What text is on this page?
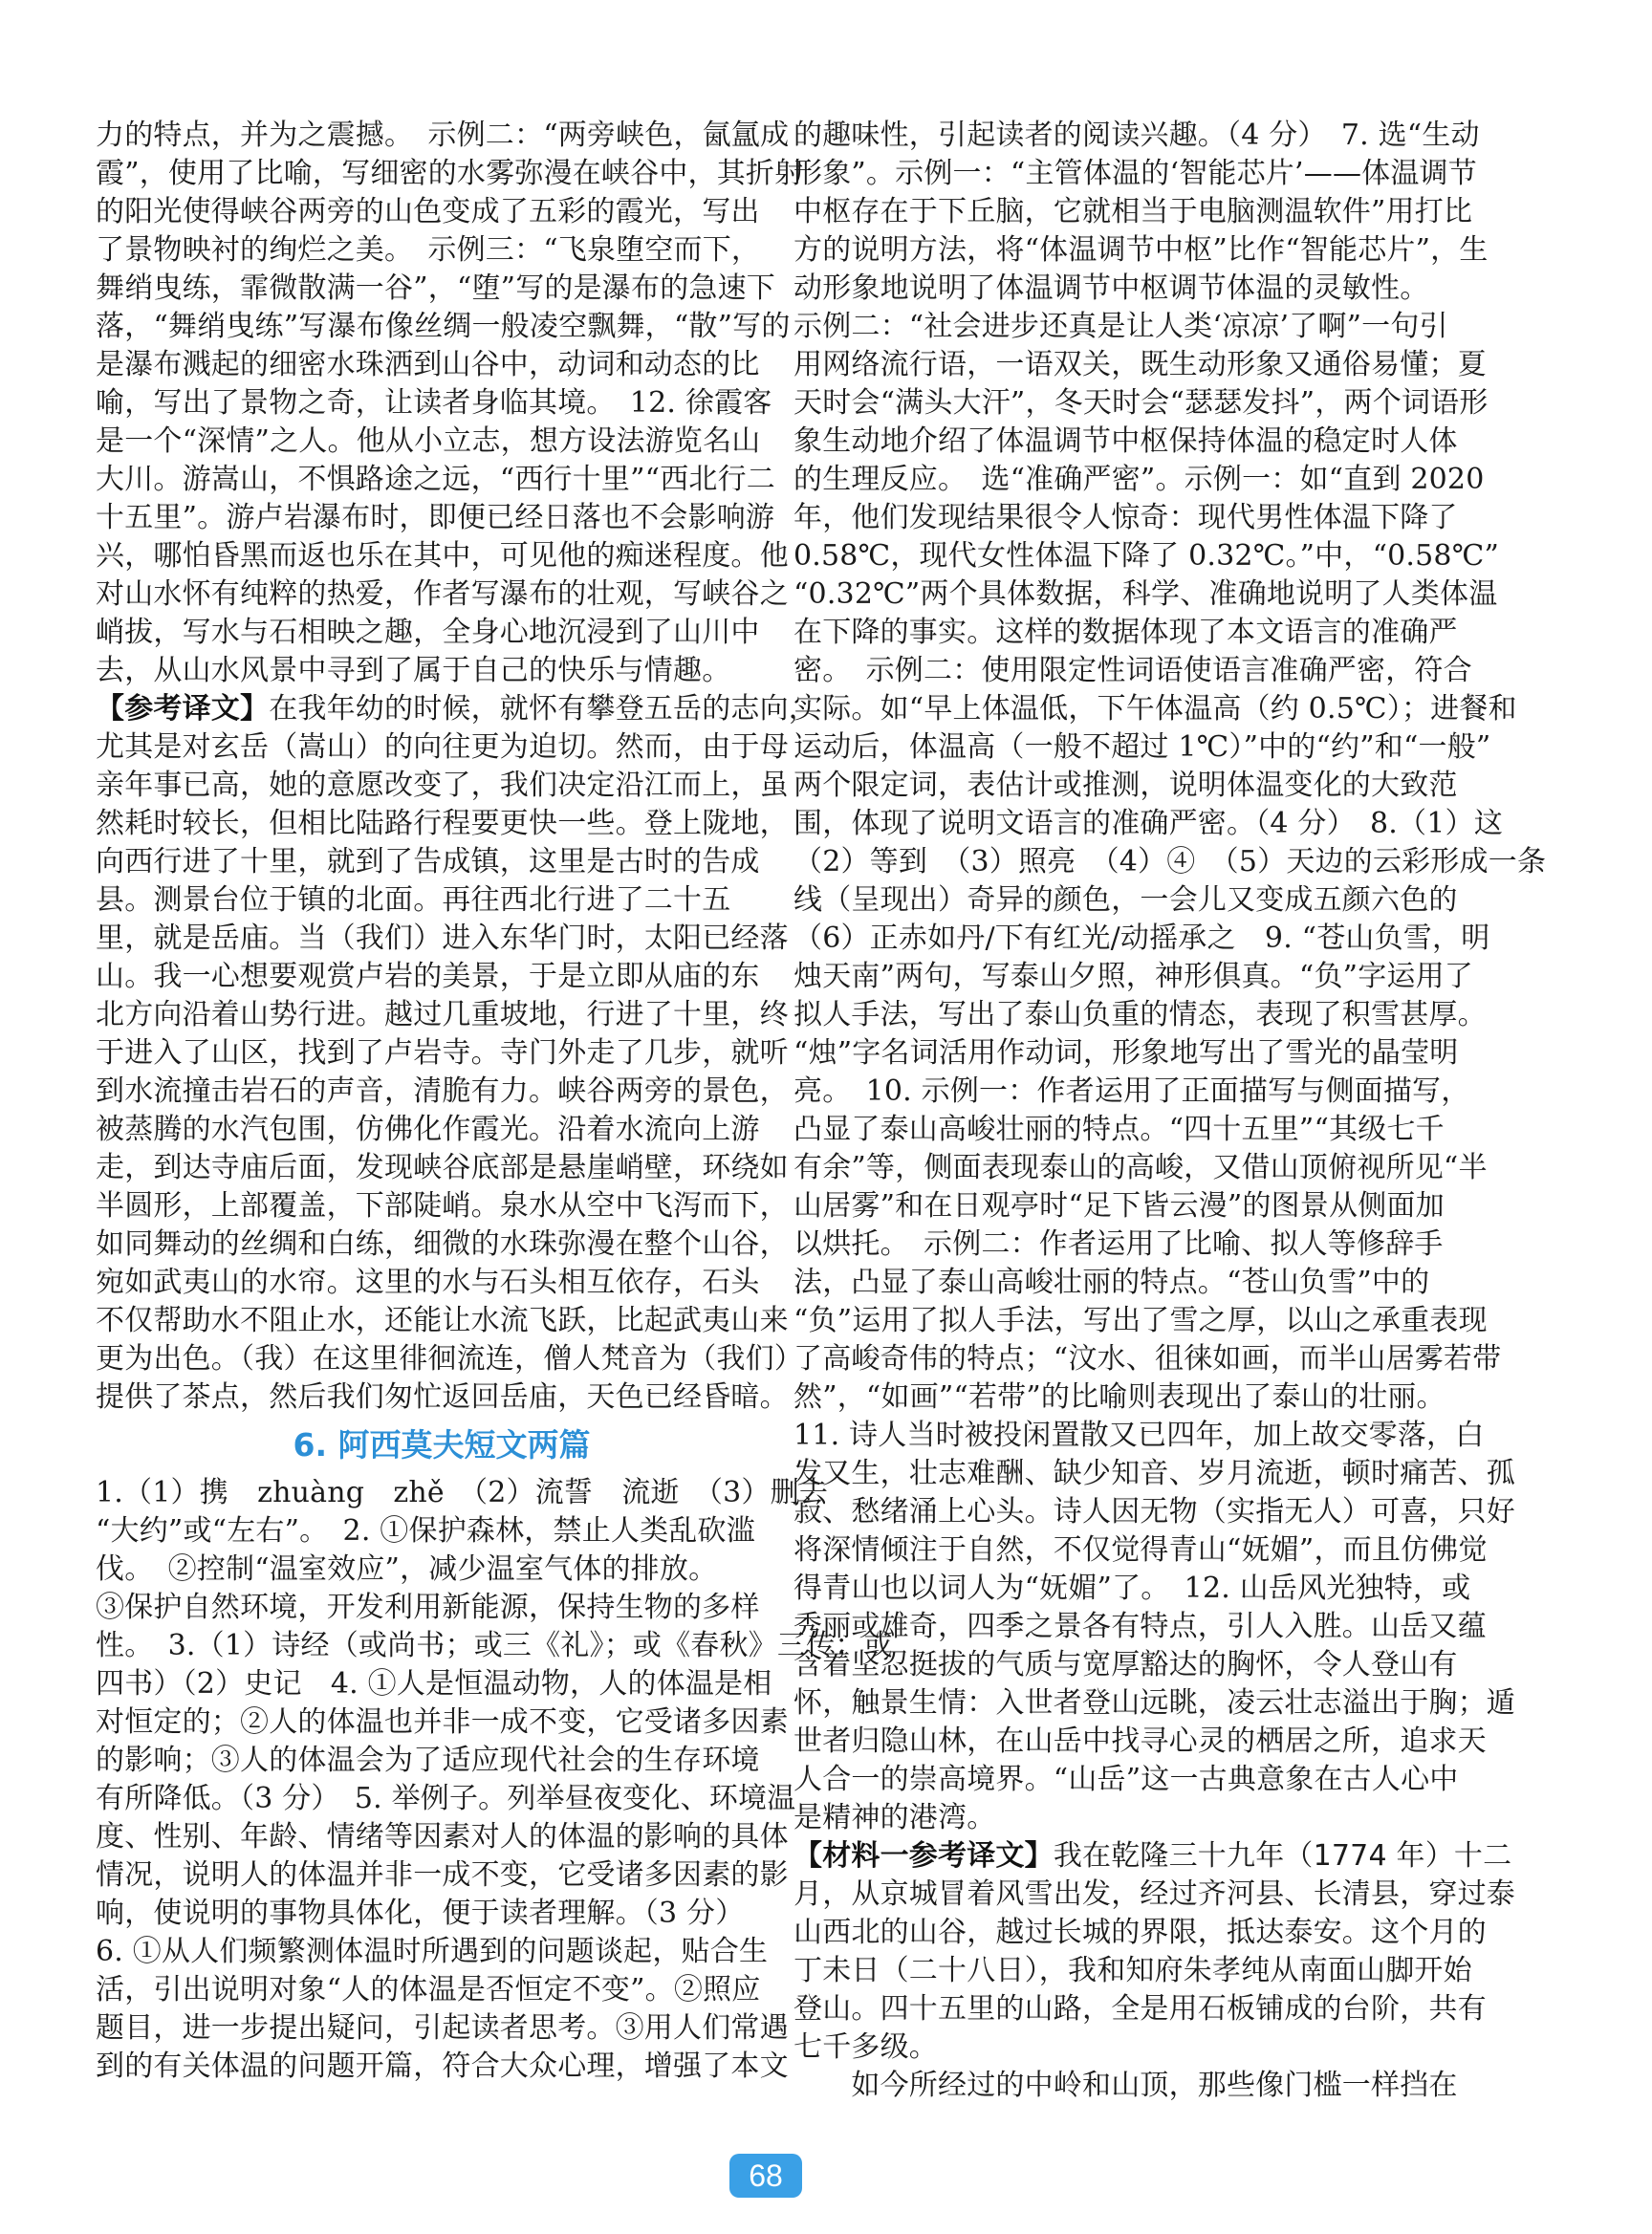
力的特点，并为之震撼。　示例二：“两旁峡色，氤氲成
霞”，使用了比喻，写细密的水雾弥漫在峡谷中，其折射
的阳光使得峡谷两旁的山色变成了五彩的霞光，写出
了景物映衬的绚烂之美。　示例三：“飞泉堕空而下，
舞绡曳练，霏微散满一谷”，“堕”写的是瀑布的急速下
落，“舞绡曳练”写瀑布像丝绸一般凌空飘舞，“散”写的
是瀑布溅起的细密水珠洒到山谷中，动词和动态的比
喻，写出了景物之奇，让读者身临其境。　12. 徐霞客
是一个“深情”之人。他从小立志，想方设法游览名山
大川。游嵩山，不惧路途之远，“西行十里”“西北行二
十五里”。游卢岩瀑布时，即便已经日落也不会影响游
兴，哪怕昏黑而返也乐在其中，可见他的痴迷程度。他
对山水怀有纯粹的热爱，作者写瀑布的壮观，写峡谷之
峭拔，写水与石相映之趣，全身心地沉浸到了山川中
去，从山水风景中寻到了属于自己的快乐与情趣。
【参考译文】在我年幼的时候，就怀有攀登五岳的志向，
尤其是对玄岳（嵩山）的向往更为迫切。然而，由于母
亲年事已高，她的意愿改变了，我们决定沿江而上，虽
然耗时较长，但相比陆路行程要更快一些。登上陇地，
向西行进了十里，就到了告成镇，这里是古时的告成
县。测景台位于镇的北面。再往西北行进了二十五
里，就是岳庙。当（我们）进入东华门时，太阳已经落
山。我一心想要观赏卢岩的美景，于是立即从庙的东
北方向沿着山势行进。越过几重坡地，行进了十里，终
于进入了山区，找到了卢岩寺。寺门外走了几步，就听
到水流撞击岩石的声音，清脆有力。峡谷两旁的景色，
被蒸腾的水汽包围，仿佛化作霞光。沿着水流向上游
走，到达寺庙后面，发现峡谷底部是悬崖峭壁，环绕如
半圆形，上部覆盖，下部陡峭。泉水从空中飞泻而下，
如同舞动的丝绸和白练，细微的水珠弥漫在整个山谷，
宛如武夷山的水帘。这里的水与石头相互依存，石头
不仅帮助水不阻止水，还能让水流飞跃，比起武夷山来
更为出色。（我）在这里徘徊流连，僧人梵音为（我们）
提供了茶点，然后我们匆忙返回岳庙，天色已经昏暗。
6. 阿西莫夫短文两篇
1.（1）携　zhuàng　zhě　（2）流誓　流逝　（3）删去
“大约”或“左右”。　2. ①保护森林，禁止人类乱砍滥
伐。　②控制“温室效应”，减少温室气体的排放。
③保护自然环境，开发利用新能源，保持生物的多样
性。　3.（1）诗经（或尚书；或三《礼》；或《春秋》三传；或
四书）（2）史记　4. ①人是恒温动物，人的体温是相
对恒定的；②人的体温也并非一成不变，它受诸多因素
的影响；③人的体温会为了适应现代社会的生存环境
有所降低。（3 分）　5. 举例子。列举昼夜变化、环境温
度、性别、年龄、情绪等因素对人的体温的影响的具体
情况，说明人的体温并非一成不变，它受诸多因素的影
响，使说明的事物具体化，便于读者理解。（3 分）
6. ①从人们频繁测体温时所遇到的问题谈起，贴合生
活，引出说明对象“人的体温是否恒定不变”。②照应
题目，进一步提出疑问，引起读者思考。③用人们常遇
到的有关体温的问题开篇，符合大众心理，增强了本文
的趣味性，引起读者的阅读兴趣。（4 分）　7. 选“生动
形象”。示例一：“主管体温的‘智能芯片’——体温调节
中枢存在于下丘脑，它就相当于电脑测温软件”用打比
方的说明方法，将“体温调节中枢”比作“智能芯片”，生
动形象地说明了体温调节中枢调节体温的灵敏性。
示例二：“社会进步还真是让人类‘凉凉’了啊”一句引
用网络流行语，一语双关，既生动形象又通俗易懂；夏
天时会“满头大汗”，冬天时会“瑟瑟发抖”，两个词语形
象生动地介绍了体温调节中枢保持体温的稳定时人体
的生理反应。　选“准确严密”。示例一：如“直到 2020
年，他们发现结果很令人惊奇：现代男性体温下降了
0.58℃，现代女性体温下降了 0.32℃。”中，“0.58℃”
“0.32℃”两个具体数据，科学、准确地说明了人类体温
在下降的事实。这样的数据体现了本文语言的准确严
密。　示例二：使用限定性词语使语言准确严密，符合
实际。如“早上体温低，下午体温高（约 0.5℃）；进餐和
运动后，体温高（一般不超过 1℃）”中的“约”和“一般”
两个限定词，表估计或推测，说明体温变化的大致范
围，体现了说明文语言的准确严密。（4 分）　8.（1）这
（2）等到　（3）照亮　（4）④　（5）天边的云彩形成一条
线（呈现出）奇异的颜色，一会儿又变成五颜六色的
（6）正赤如丹/下有红光/动摇承之　9. “苍山负雪，明
烛天南”两句，写泰山夕照，神形俱真。“负”字运用了
拟人手法，写出了泰山负重的情态，表现了积雪甚厚。
“烛”字名词活用作动词，形象地写出了雪光的晶莹明
亮。　10. 示例一：作者运用了正面描写与侧面描写，
凸显了泰山高峻壮丽的特点。“四十五里”“其级七千
有余”等，侧面表现泰山的高峻，又借山顶俯视所见“半
山居雾”和在日观亭时“足下皆云漫”的图景从侧面加
以烘托。　示例二：作者运用了比喻、拟人等修辞手
法，凸显了泰山高峻壮丽的特点。“苍山负雪”中的
“负”运用了拟人手法，写出了雪之厚，以山之承重表现
了高峻奇伟的特点；“汶水、徂徕如画，而半山居雾若带
然”，“如画”“若带”的比喻则表现出了泰山的壮丽。
11. 诗人当时被投闲置散又已四年，加上故交零落，白
发又生，壮志难酬、缺少知音、岁月流逝，顿时痛苦、孤
寂、愁绪涌上心头。诗人因无物（实指无人）可喜，只好
将深情倾注于自然，不仅觉得青山“妩媚”，而且仿佛觉
得青山也以词人为“妩媚”了。　12. 山岳风光独特，或
秀丽或雄奇，四季之景各有特点，引人入胜。山岳又蕴
含着坚忍挺拔的气质与宽厚豁达的胸怀，令人登山有
怀，触景生情：入世者登山远眺，凌云壮志溢出于胸；遁
世者归隐山林，在山岳中找寻心灵的栖居之所，追求天
人合一的崇高境界。“山岳”这一古典意象在古人心中
是精神的港湾。
【材料一参考译文】我在乾隆三十九年（1774 年）十二
月，从京城冒着风雪出发，经过齐河县、长清县，穿过泰
山西北的山谷，越过长城的界限，抵达泰安。这个月的
丁未日（二十八日），我和知府朱孝纯从南面山脚开始
登山。四十五里的山路，全是用石板铺成的台阶，共有
七千多级。
　　如今所经过的中岭和山顶，那些像门槛一样挡在
68
